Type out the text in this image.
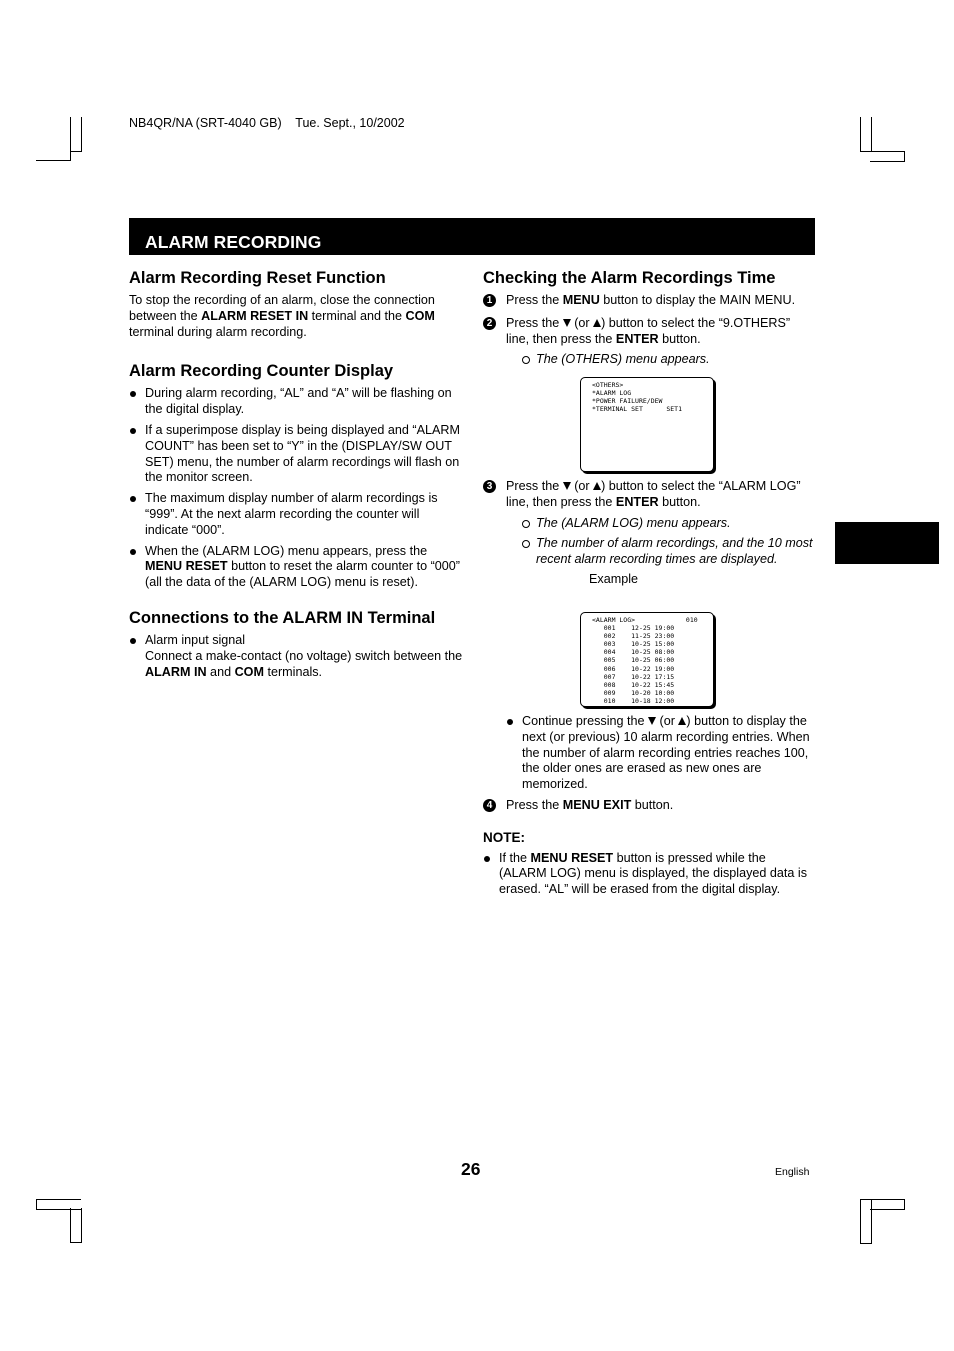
NB4QR/NA (SRT-4040 GB)    Tue. Sept., 10/2002
ALARM RECORDING
Alarm Recording Reset Function

To stop the recording of an alarm, close the connection between the ALARM RESET IN terminal and the COM terminal during alarm recording.

Alarm Recording Counter Display

During alarm recording, “AL” and “A” will be flashing on the digital display.

If a superimpose display is being displayed and “ALARM COUNT” has been set to “Y” in the (DISPLAY/SW OUT SET) menu, the number of alarm recordings will flash on the monitor screen.

The maximum display number of alarm recordings is “999”. At the next alarm recording the counter will indicate “000”.

When the (ALARM LOG) menu appears, press the MENU RESET button to reset the alarm counter to “000” (all the data of the (ALARM LOG) menu is reset).

Connections to the ALARM IN Terminal

Alarm input signal

Connect a make-contact (no voltage) switch between the ALARM IN and COM terminals.

Checking the Alarm Recordings Time

1 Press the MENU button to display the MAIN MENU.

2 Press the  (or ) button to select the “9.OTHERS” line, then press the ENTER button.

The (OTHERS) menu appears.

<OTHERS>
*ALARM LOG
*POWER FAILURE/DEW
*TERMINAL SET      SET1

3 Press the  (or ) button to select the “ALARM LOG” line, then press the ENTER button.

The (ALARM LOG) menu appears.

The number of alarm recordings, and the 10 most recent alarm recording times are displayed.

Example

<ALARM LOG>             010
001    12-25 19:00
002    11-25 23:00
003    10-25 15:00
004    10-25 08:00
005    10-25 06:00
006    10-22 19:00
007    10-22 17:15
008    10-22 15:45
009    10-20 10:00
010    10-18 12:00

Continue pressing the  (or ) button to display the next (or previous) 10 alarm recording entries. When the number of alarm recording entries reaches 100, the older ones are erased as new ones are memorized.

4 Press the MENU EXIT button.

NOTE:

If the MENU RESET button is pressed while the (ALARM LOG) menu is displayed, the displayed data is erased. “AL” will be erased from the digital display.

26	English
